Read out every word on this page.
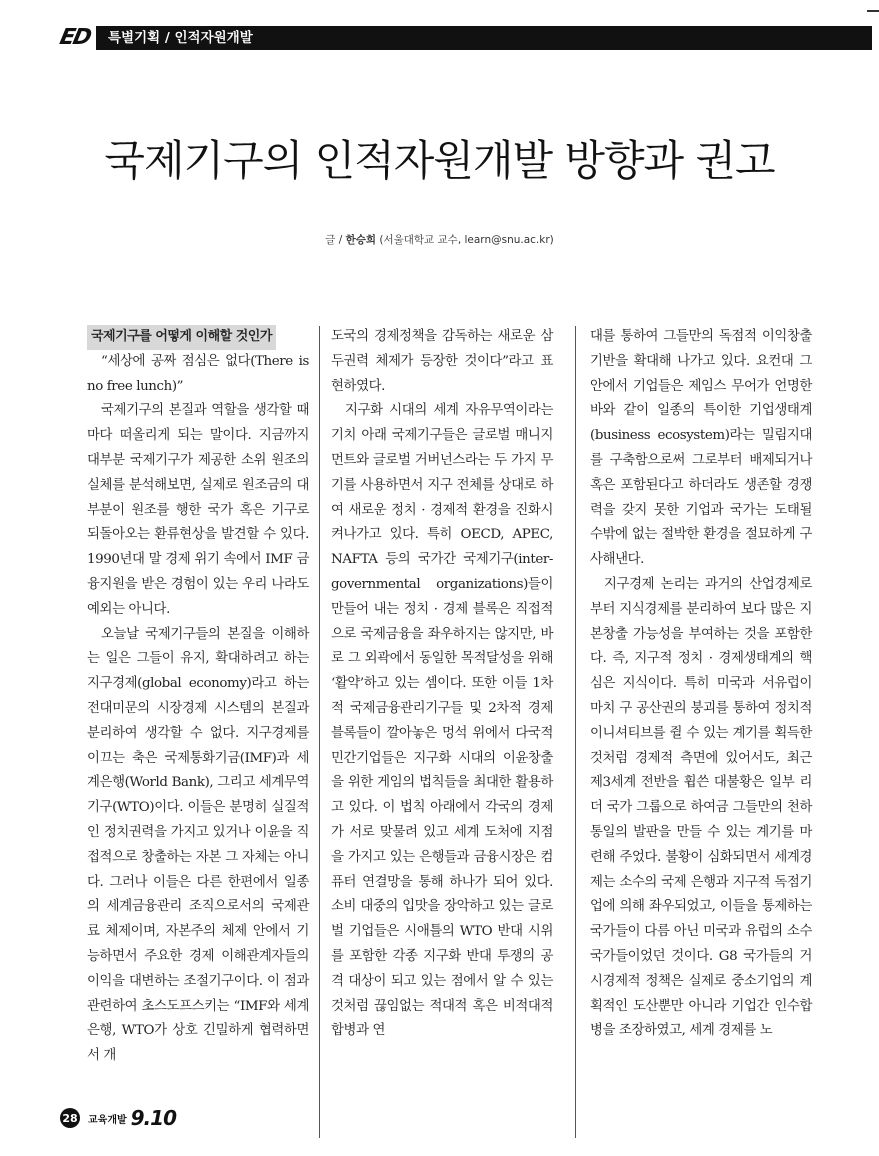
ED 특별기획 / 인적자원개발
국제기구의 인적자원개발 방향과 권고
글 / 한승희 (서울대학교 교수, learn@snu.ac.kr)
국제기구를 어떻게 이해할 것인가

“세상에 공짜 점심은 없다(There is no free lunch)”

국제기구의 본질과 역할을 생각할 때마다 떠올리게 되는 말이다. 지금까지 대부분 국제기구가 제공한 소위 원조의 실체를 분석해보면, 실제로 원조금의 대부분이 원조를 행한 국가 혹은 기구로 되돌아오는 환류현상을 발견할 수 있다. 1990년대 말 경제 위기 속에서 IMF 금융지원을 받은 경험이 있는 우리 나라도 예외는 아니다.

오늘날 국제기구들의 본질을 이해하는 일은 그들이 유지, 확대하려고 하는 지구경제(global economy)라고 하는 전대미문의 시장경제 시스템의 본질과 분리하여 생각할 수 없다. 지구경제를 이끄는 축은 국제통화기금(IMF)과 세계은행(World Bank), 그리고 세계무역기구(WTO)이다. 이들은 분명히 실질적인 정치권력을 가지고 있거나 이윤을 직접적으로 창출하는 자본 그 자체는 아니다. 그러나 이들은 다른 한편에서 일종의 세계금융관리 조직으로서의 국제관료 체제이며, 자본주의 체제 안에서 기능하면서 주요한 경제 이해관계자들의 이익을 대변하는 조절기구이다. 이 점과 관련하여 초스도프스키는 “IMF와 세계은행, WTO가 상호 긴밀하게 협력하면서 개

도국의 경제정책을 감독하는 새로운 삼두권력 체제가 등장한 것이다”라고 표현하였다.

지구화 시대의 세계 자유무역이라는 기치 아래 국제기구들은 글로벌 매니지먼트와 글로벌 거버넌스라는 두 가지 무기를 사용하면서 지구 전체를 상대로 하여 새로운 정치 · 경제적 환경을 진화시켜나가고 있다. 특히 OECD, APEC, NAFTA 등의 국가간 국제기구(inter-governmental organizations)들이 만들어 내는 정치 · 경제 블록은 직접적으로 국제금융을 좌우하지는 않지만, 바로 그 외곽에서 동일한 목적달성을 위해 ‘활약’하고 있는 셈이다. 또한 이들 1차적 국제금융관리기구들 및 2차적 경제블록들이 깔아놓은 멍석 위에서 다국적 민간기업들은 지구화 시대의 이윤창출을 위한 게임의 법칙들을 최대한 활용하고 있다. 이 법칙 아래에서 각국의 경제가 서로 맞물려 있고 세계 도처에 지점을 가지고 있는 은행들과 금융시장은 컴퓨터 연결망을 통해 하나가 되어 있다. 소비 대중의 입맛을 장악하고 있는 글로벌 기업들은 시애틀의 WTO 반대 시위를 포함한 각종 지구화 반대 투쟁의 공격 대상이 되고 있는 점에서 알 수 있는 것처럼 끊임없는 적대적 혹은 비적대적 합병과 연

대를 통하여 그들만의 독점적 이익창출 기반을 확대해 나가고 있다. 요컨대 그 안에서 기업들은 제임스 무어가 언명한 바와 같이 일종의 특이한 기업생태계(business ecosystem)라는 밀림지대를 구축함으로써 그로부터 배제되거나 혹은 포함된다고 하더라도 생존할 경쟁력을 갖지 못한 기업과 국가는 도태될 수밖에 없는 절박한 환경을 절묘하게 구사해낸다.

지구경제 논리는 과거의 산업경제로부터 지식경제를 분리하여 보다 많은 지본창출 가능성을 부여하는 것을 포함한다. 즉, 지구적 정치 · 경제생태계의 핵심은 지식이다. 특히 미국과 서유럽이 마치 구 공산권의 붕괴를 통하여 정치적 이니셔티브를 쥘 수 있는 계기를 획득한 것처럼 경제적 측면에 있어서도, 최근 제3세계 전반을 휩쓴 대불황은 일부 리더 국가 그룹으로 하여금 그들만의 천하통일의 발판을 만들 수 있는 계기를 마련해 주었다. 불황이 심화되면서 세계경제는 소수의 국제 은행과 지구적 독점기업에 의해 좌우되었고, 이들을 통제하는 국가들이 다름 아닌 미국과 유럽의 소수 국가들이었던 것이다. G8 국가들의 거시경제적 정책은 실제로 중소기업의 계획적인 도산뿐만 아니라 기업간 인수합병을 조장하였고, 세계 경제를 노

28 교육개발 9.10
